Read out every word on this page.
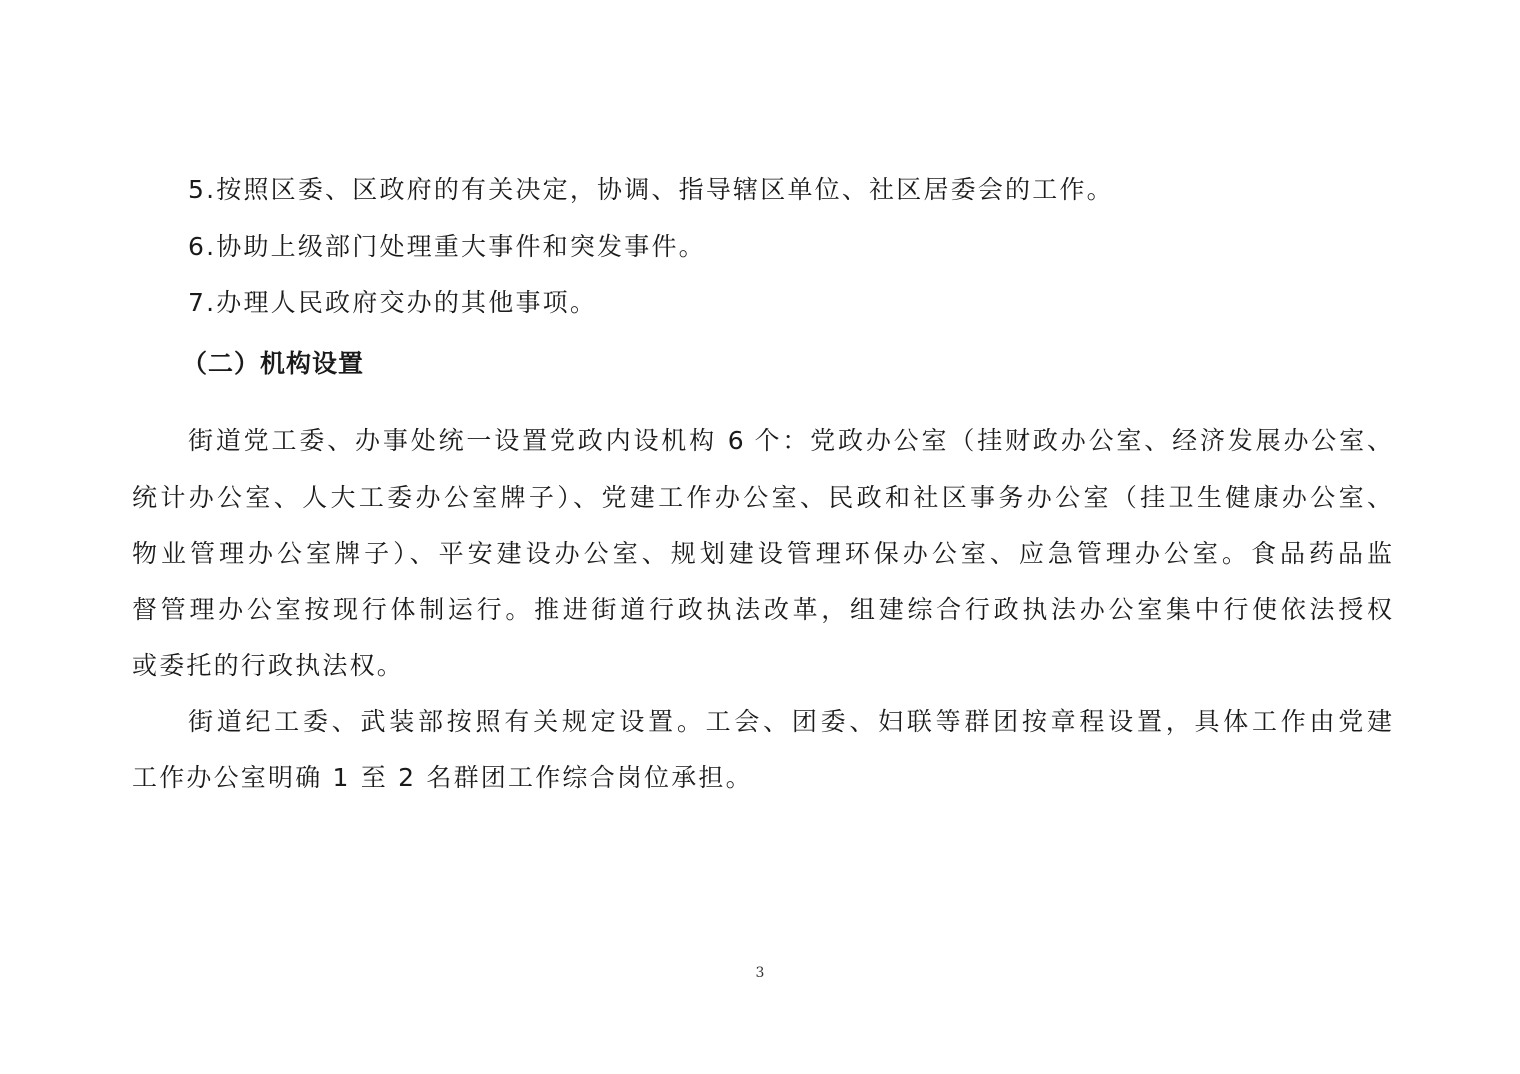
5.按照区委、区政府的有关决定，协调、指导辖区单位、社区居委会的工作。
6.协助上级部门处理重大事件和突发事件。
7.办理人民政府交办的其他事项。
（二）机构设置
街道党工委、办事处统一设置党政内设机构 6 个：党政办公室（挂财政办公室、经济发展办公室、
统计办公室、人大工委办公室牌子）、党建工作办公室、民政和社区事务办公室（挂卫生健康办公室、
物业管理办公室牌子）、平安建设办公室、规划建设管理环保办公室、应急管理办公室。食品药品监
督管理办公室按现行体制运行。推进街道行政执法改革，组建综合行政执法办公室集中行使依法授权
或委托的行政执法权。
街道纪工委、武装部按照有关规定设置。工会、团委、妇联等群团按章程设置，具体工作由党建
工作办公室明确 1 至 2 名群团工作综合岗位承担。
3
